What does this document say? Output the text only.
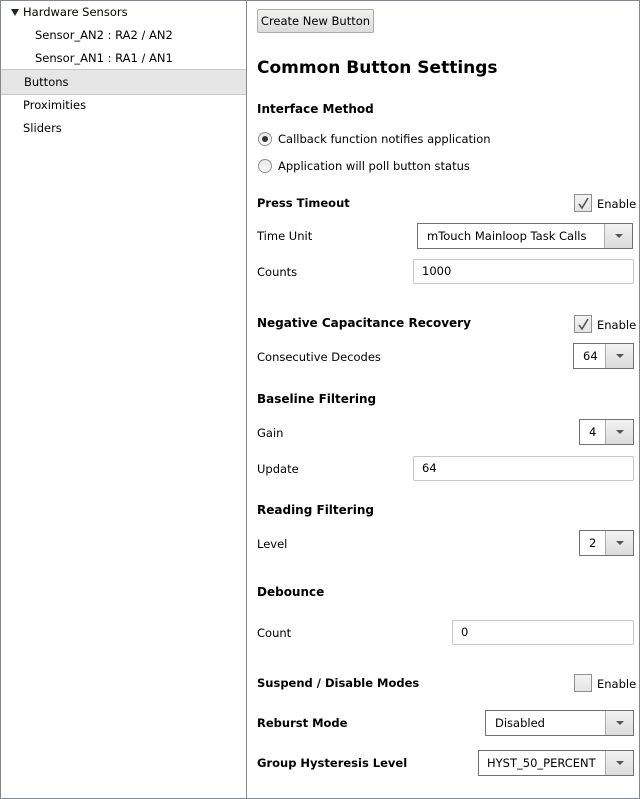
Hardware Sensors
Sensor_AN2 : RA2 / AN2
Sensor_AN1 : RA1 / AN1
Buttons
Proximities
Sliders
Create New Button
Common Button Settings
Interface Method
Callback function notifies application
Application will poll button status
Press Timeout	Enable
Time Unit	mTouch Mainloop Task Calls
Counts	1000
Negative Capacitance Recovery	Enable
Consecutive Decodes	64
Baseline Filtering
Gain	4
Update	64
Reading Filtering
Level	2
Debounce
Count	0
Suspend / Disable Modes	Enable
Reburst Mode	Disabled
Group Hysteresis Level	HYST_50_PERCENT
